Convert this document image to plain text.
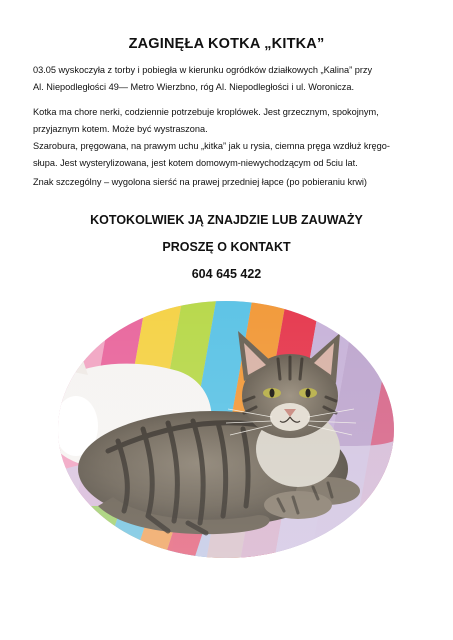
ZAGINĘŁA KOTKA „KITKA”

03.05 wyskoczyła z torby i pobiegła w kierunku ogródków działkowych „Kalina” przy

Al. Niepodległości 49— Metro Wierzbno, róg Al. Niepodległości i ul. Woronicza.

Kotka ma chore nerki, codziennie potrzebuje kroplówek. Jest grzecznym, spokojnym,

przyjaznym kotem. Może być wystraszona.

Szarobura, pręgowana, na prawym uchu „kitka” jak u rysia, ciemna pręga wzdłuż kręgo-

słupa. Jest wysterylizowana, jest kotem domowym-niewychodzącym od 5ciu lat.

Znak szczególny – wygolona sierść na prawej przedniej łapce (po pobieraniu krwi)

KOTOKOLWIEK JĄ ZNAJDZIE LUB ZAUWAŻY
PROSZĘ O KONTAKT
604 645 422
